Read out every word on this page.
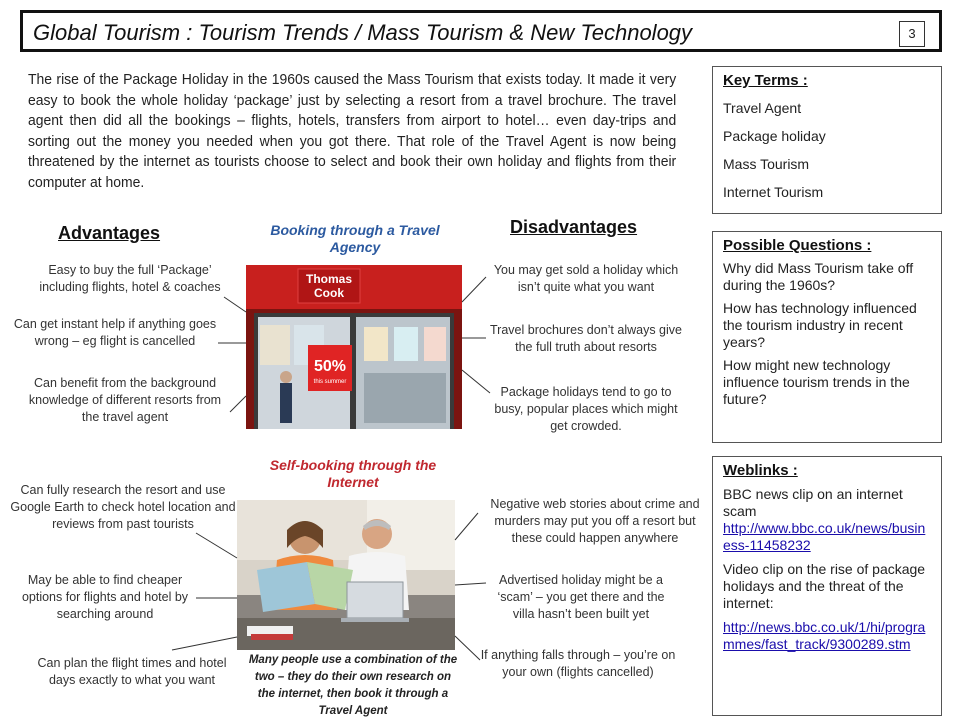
Global Tourism : Tourism Trends / Mass Tourism & New Technology	3
The rise of the Package Holiday in the 1960s caused the Mass Tourism that exists today. It made it very easy to book the whole holiday ‘package’ just by selecting a resort from a travel brochure. The travel agent then did all the bookings – flights, hotels, transfers from airport to hotel… even day-trips and sorting out the money you needed when you got there. That role of the Travel Agent is now being threatened by the internet as tourists choose to select and book their own holiday and flights from their computer at home.
Key Terms :

Travel Agent

Package holiday

Mass Tourism

Internet Tourism

Possible Questions :

Why did Mass Tourism take off during the 1960s?

How has technology influenced the tourism industry in recent years?

How might new technology influence tourism trends in the future?

Weblinks :

BBC news clip on an internet scam

http://www.bbc.co.uk/news/business-11458232

Video clip on the rise of package holidays and the threat of the internet:

http://news.bbc.co.uk/1/hi/programmes/fast_track/9300289.stm

Advantages	Disadvantages
Booking through a Travel Agency
Self-booking through the Internet
Thomas
Cook
50%
this summer
Many people use a combination of the two – they do their own research on the internet, then book it through a Travel Agent
Easy to buy the full ‘Package’ including flights, hotel & coaches
Can get instant help if anything goes wrong – eg flight is cancelled
Can benefit from the background knowledge of different resorts from the travel agent
You may get sold a holiday which isn’t quite what you want
Travel brochures don’t always give the full truth about resorts
Package holidays tend to go to busy, popular places which might get crowded.
Can fully research the resort and use Google Earth to check hotel location and reviews from past tourists
May be able to find cheaper options for flights and hotel by searching around
Can plan the flight times and hotel days exactly to what you want
Negative web stories about crime and murders may put you off a resort but these could happen anywhere
Advertised holiday might be a ‘scam’ – you get there and the villa hasn’t been built yet
If anything falls through – you’re on your own (flights cancelled)
